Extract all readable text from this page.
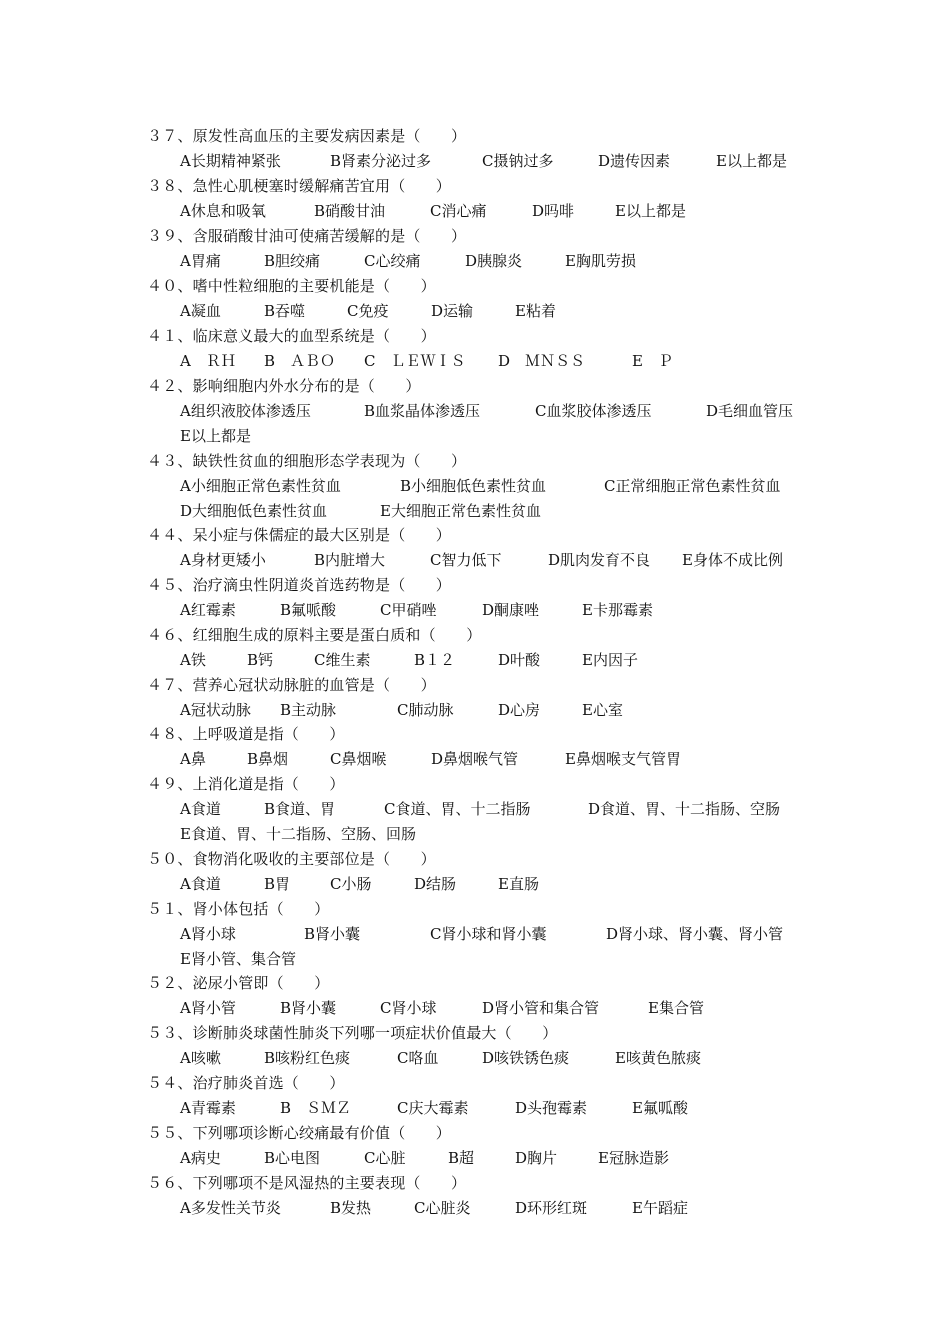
３７、原发性高血压的主要发病因素是（　　）
A长期精神紧张	B肾素分泌过多	C摄钠过多	D遗传因素	E以上都是
３８、急性心肌梗塞时缓解痛苦宜用（　　）
A休息和吸氧	B硝酸甘油	C消心痛	D吗啡	E以上都是
３９、含服硝酸甘油可使痛苦缓解的是（　　）
A胃痛	B胆绞痛	C心绞痛	D胰腺炎	E胸肌劳损
４０、嗜中性粒细胞的主要机能是（　　）
A凝血	B吞噬	C免疫	D运输	E粘着
４１、临床意义最大的血型系统是（　　）
A　ＲＨ B　ＡＢＯ C　ＬＥＷＩＳ D　ＭＮＳＳ	E　Ｐ
４２、影响细胞内外水分布的是（　　）
A组织液胶体渗透压	B血浆晶体渗透压	C血浆胶体渗透压	D毛细血管压
E以上都是
４３、缺铁性贫血的细胞形态学表现为（　　）
A小细胞正常色素性贫血	B小细胞低色素性贫血	C正常细胞正常色素性贫血
D大细胞低色素性贫血	E大细胞正常色素性贫血
４４、呆小症与侏儒症的最大区别是（　　）
A身材更矮小	B内脏增大	C智力低下	D肌肉发育不良 E身体不成比例
４５、治疗滴虫性阴道炎首选药物是（　　）
A红霉素	B氟哌酸	C甲硝唑	D酮康唑	E卡那霉素
４６、红细胞生成的原料主要是蛋白质和（　　）
A铁	B钙	C维生素	B１２	D叶酸	E内因子
４７、营养心冠状动脉脏的血管是（　　）
A冠状动脉 B主动脉	C肺动脉	D心房	E心室
４８、上呼吸道是指（　　）
A鼻	B鼻烟	C鼻烟喉	D鼻烟喉气管	E鼻烟喉支气管胃
４９、上消化道是指（　　）
A食道	B食道、胃	C食道、胃、十二指肠	D食道、胃、十二指肠、空肠
E食道、胃、十二指肠、空肠、回肠
５０、食物消化吸收的主要部位是（　　）
A食道	B胃	C小肠	D结肠	E直肠
５１、肾小体包括（　　）
A肾小球	B肾小囊	C肾小球和肾小囊	D肾小球、肾小囊、肾小管
E肾小管、集合管
５２、泌尿小管即（　　）
A肾小管	B肾小囊	C肾小球	D肾小管和集合管	E集合管
５３、诊断肺炎球菌性肺炎下列哪一项症状价值最大（　　）
A咳嗽	B咳粉红色痰	C咯血	D咳铁锈色痰	E咳黄色脓痰
５４、治疗肺炎首选（　　）
A青霉素	B　ＳＭＺ	C庆大霉素	D头孢霉素	E氟呱酸
５５、下列哪项诊断心绞痛最有价值（　　）
A病史	B心电图	C心脏	B超	D胸片	E冠脉造影
５６、下列哪项不是风湿热的主要表现（　　）
A多发性关节炎	B发热	C心脏炎	D环形红斑	E午蹈症
